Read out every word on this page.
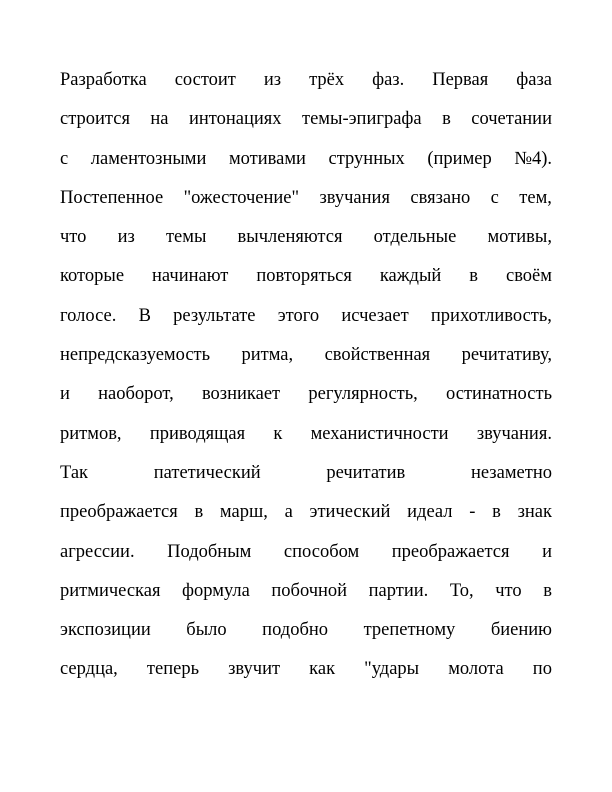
Разработка состоит из трёх фаз. Первая фаза
строится на интонациях темы-эпиграфа в сочетании
с ламентозными мотивами струнных (пример №4).
Постепенное "ожесточение" звучания связано с тем,
что из темы вычленяются отдельные мотивы,
которые начинают повторяться каждый в своём
голосе. В результате этого исчезает прихотливость,
непредсказуемость ритма, свойственная речитативу,
и наоборот, возникает регулярность, остинатность
ритмов, приводящая к механистичности звучания.
Так	патетический	речитатив	незаметно
преображается в марш, а этический идеал - в знак
агрессии. Подобным способом преображается и
ритмическая формула побочной партии. То, что в
экспозиции было подобно трепетному биению
сердца, теперь звучит как "удары молота по
